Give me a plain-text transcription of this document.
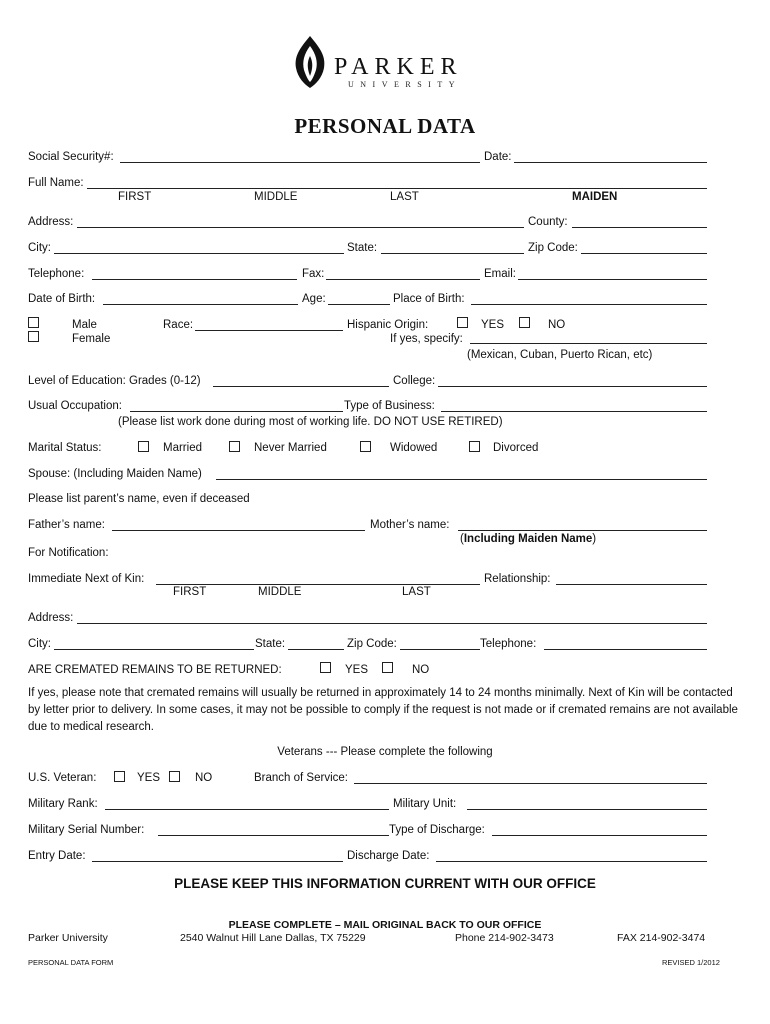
PARKER
UNIVERSITY
PERSONAL DATA
Social Security#:	Date:
Full Name:
FIRST	MIDDLE	LAST	MAIDEN
Address:	County:
City:	State:	Zip Code:
Telephone:	Fax:	Email:
Date of Birth:	Age:	Place of Birth:
Male
Female
Race:	Hispanic Origin:	YES	NO
If yes, specify:
(Mexican, Cuban, Puerto Rican, etc)
Level of Education: Grades (0-12)	College:
Usual Occupation:	Type of Business:
(Please list work done during most of working life. DO NOT USE RETIRED)
Marital Status:	Married	Never Married	Widowed	Divorced
Spouse: (Including Maiden Name)
Please list parent’s name, even if deceased
Father’s name:	Mother’s name:
(Including Maiden Name)
For Notification:
Immediate Next of Kin:	Relationship:
FIRST	MIDDLE	LAST
Address:
City:	State:	Zip Code:	Telephone:
ARE CREMATED REMAINS TO BE RETURNED:	YES	NO
If yes, please note that cremated remains will usually be returned in approximately 14 to 24 months minimally. Next of Kin will be contacted by letter prior to delivery. In some cases, it may not be possible to comply if the request is not made or if cremated remains are not available due to medical research.
Veterans --- Please complete the following
U.S. Veteran:	YES	NO	Branch of Service:
Military Rank:	Military Unit:
Military Serial Number:	Type of Discharge:
Entry Date:	Discharge Date:
PLEASE KEEP THIS INFORMATION CURRENT WITH OUR OFFICE
PLEASE COMPLETE – MAIL ORIGINAL BACK TO OUR OFFICE
Parker University	2540 Walnut Hill Lane Dallas, TX 75229	Phone 214-902-3473	FAX 214-902-3474
PERSONAL DATA FORM	REVISED 1/2012
